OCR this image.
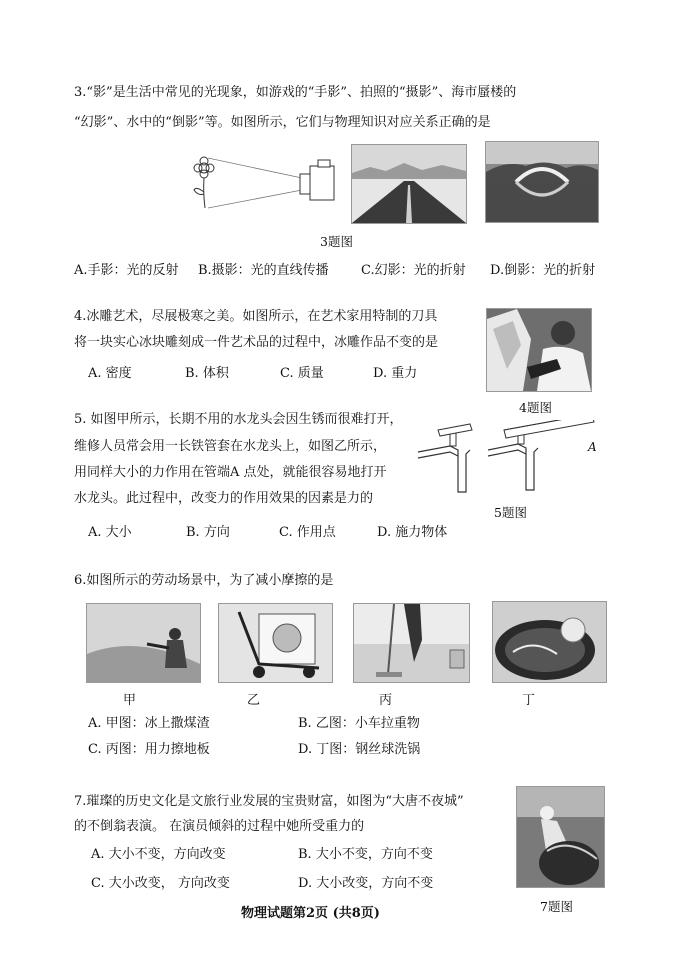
3.“影”是生活中常见的光现象，如游戏的“手影”、拍照的“摄影”、海市蜃楼的
“幻影”、水中的“倒影”等。如图所示，它们与物理知识对应关系正确的是
3题图
A.手影：光的反射 B.摄影：光的直线传播 C.幻影：光的折射 D.倒影：光的折射
4.冰雕艺术，尽展极寒之美。如图所示，在艺术家用特制的刀具
将一块实心冰块雕刻成一件艺术品的过程中，冰雕作品不变的是
A. 密度	B. 体积	C. 质量	D. 重力
4题图
5. 如图甲所示，长期不用的水龙头会因生锈而很难打开，
维修人员常会用一长铁管套在水龙头上，如图乙所示，
用同样大小的力作用在管端A 点处，就能很容易地打开
水龙头。此过程中，改变力的作用效果的因素是力的
A
5题图
A. 大小	B. 方向	C. 作用点	D. 施力物体
6.如图所示的劳动场景中，为了减小摩擦的是
甲	乙	丙	丁
A. 甲图：冰上撒煤渣	B. 乙图：小车拉重物
C. 丙图：用力擦地板	D. 丁图：钢丝球洗锅
7.璀璨的历史文化是文旅行业发展的宝贵财富，如图为“大唐不夜城”
的不倒翁表演。 在演员倾斜的过程中她所受重力的
A. 大小不变，方向改变	B. 大小不变，方向不变
C. 大小改变， 方向改变	D. 大小改变，方向不变
7题图
物理试题第2页 (共8页)
